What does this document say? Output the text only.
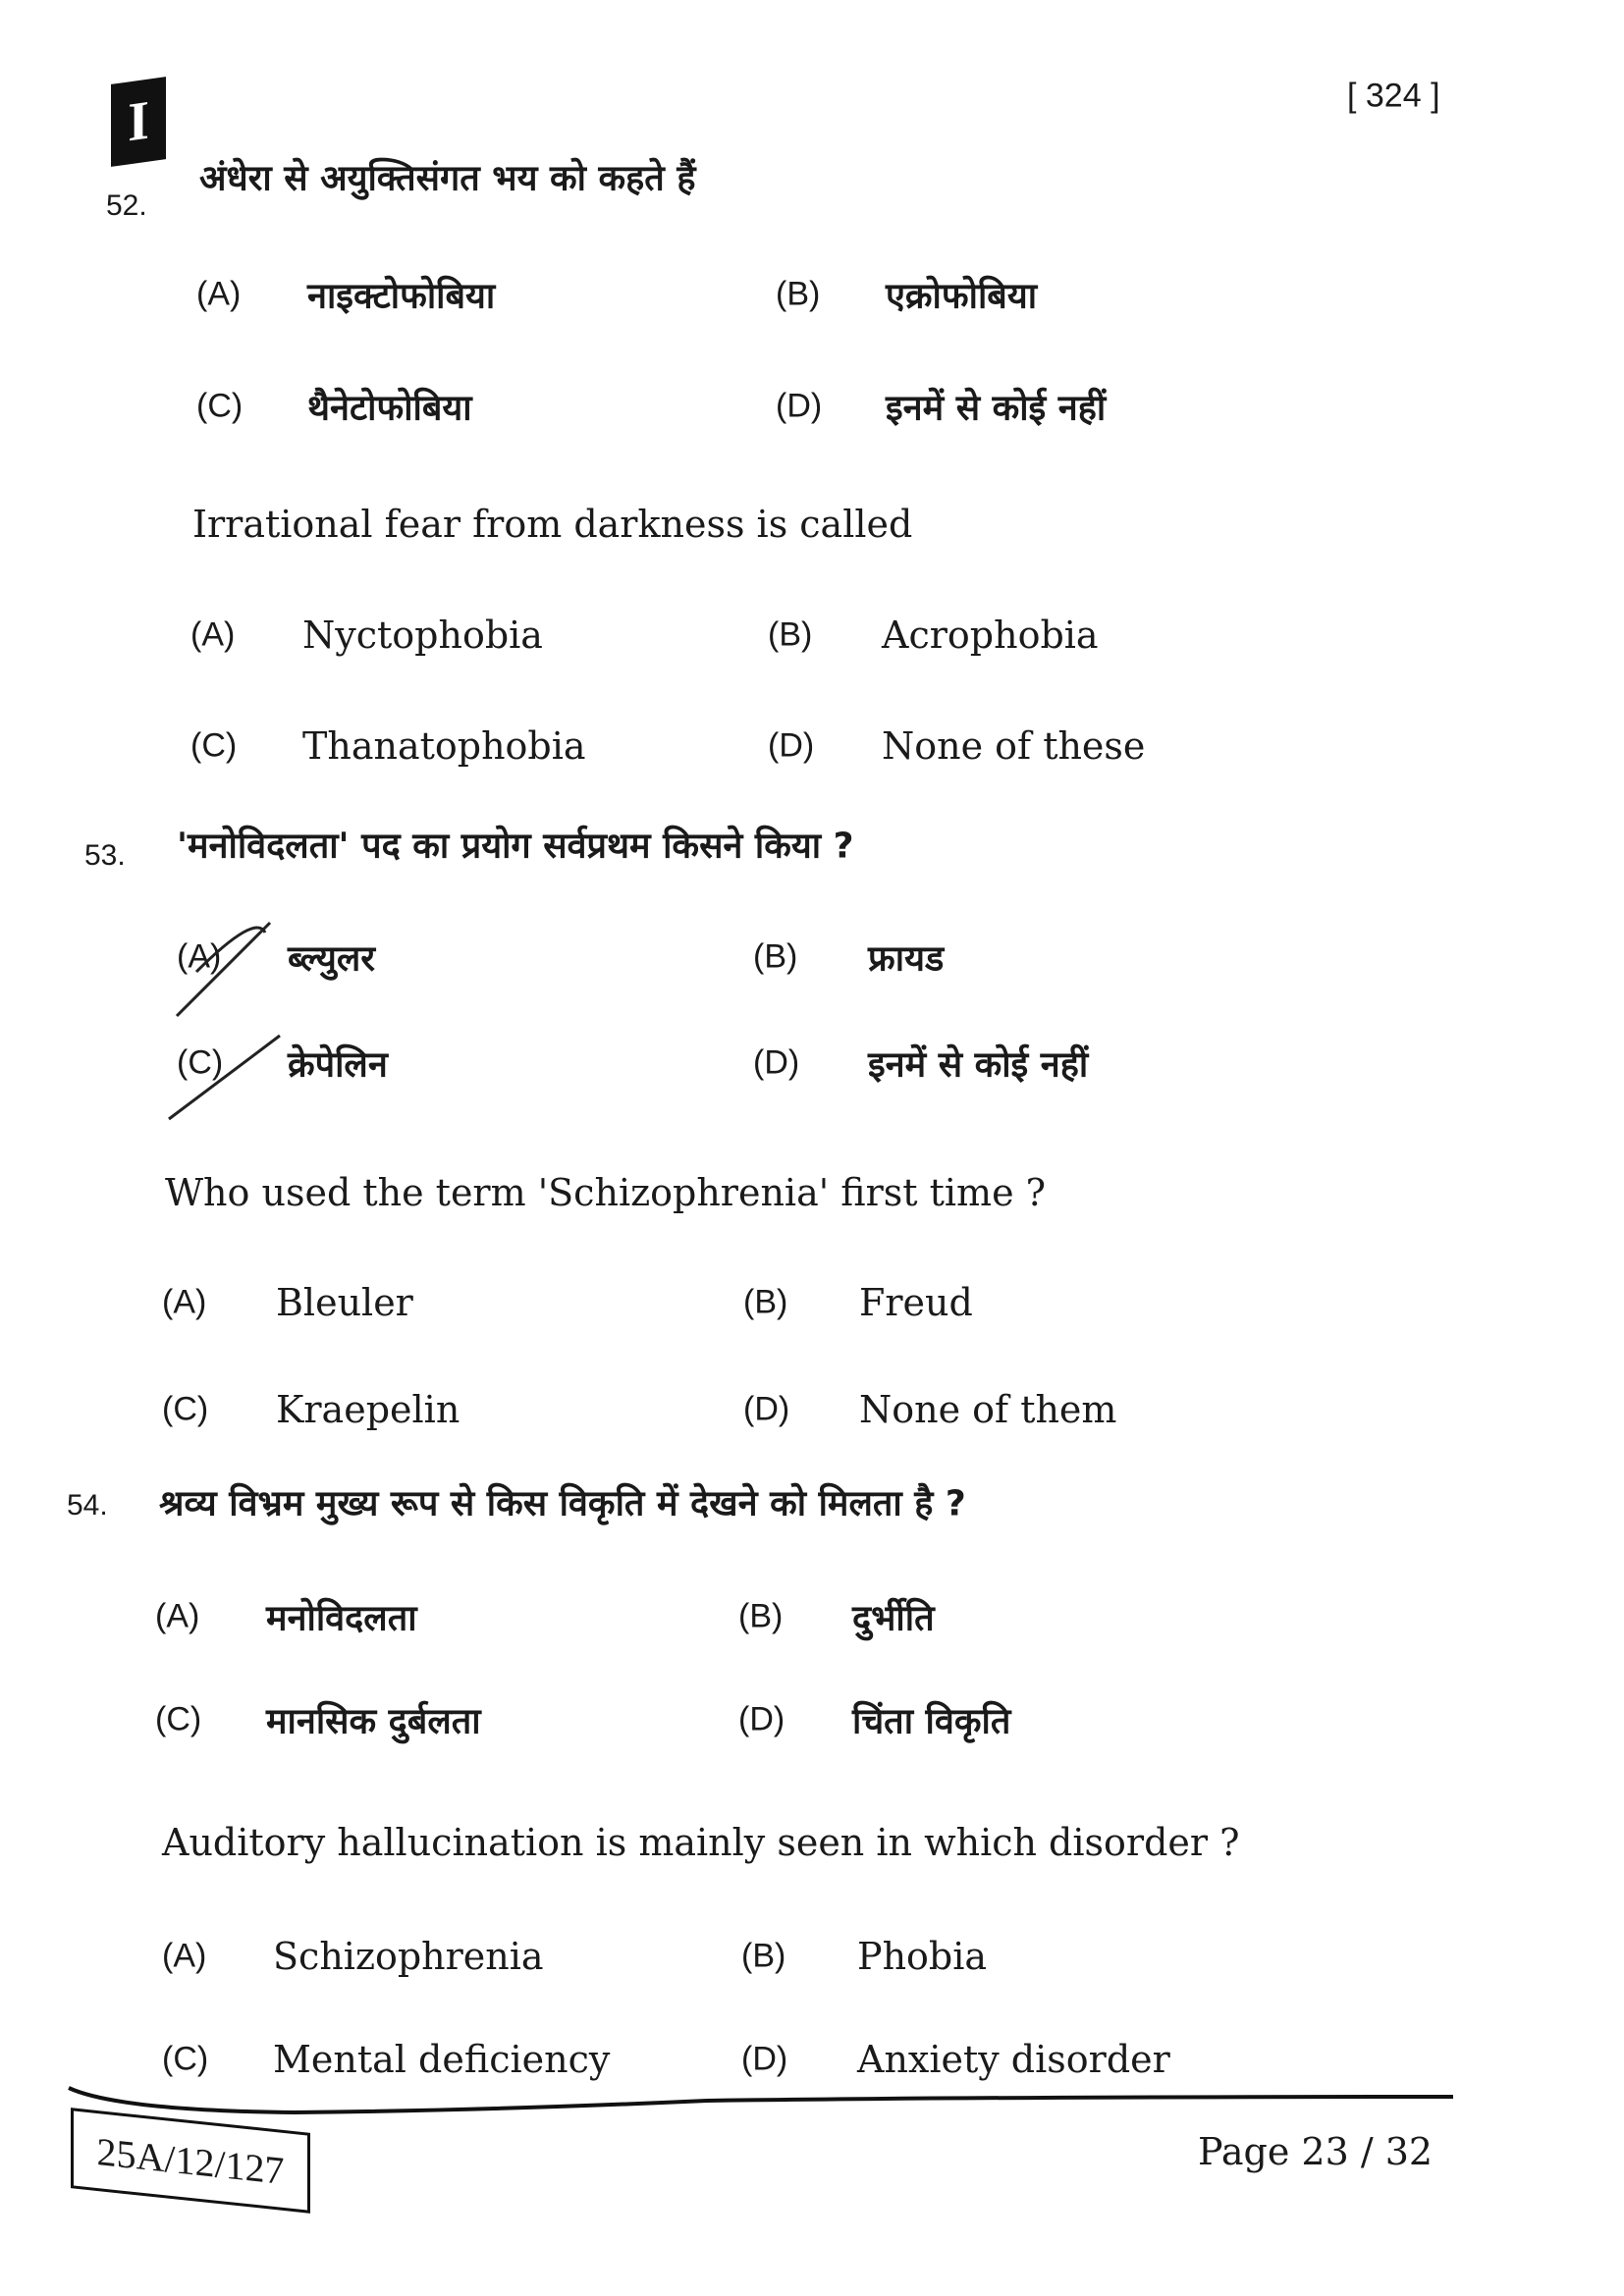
I	[ 324 ]
52.
अंधेरा से अयुक्तिसंगत भय को कहते हैं
Irrational fear from darkness is called
(A) नाइक्टोफोबिया
(A) Nyctophobia
(B) एक्रोफोबिया
(B) Acrophobia
(C) थैनेटोफोबिया
(C) Thanatophobia
(D) इनमें से कोई नहीं
(D) None of these
53. 'मनोविदलता' पद का प्रयोग सर्वप्रथम किसने किया ?
Who used the term 'Schizophrenia' first time ?
(A) ब्ल्युलर
(A) Bleuler
(B) फ्रायड
(B) Freud
(C) क्रेपेलिन
(C) Kraepelin
(D) इनमें से कोई नहीं
(D) None of them
54. श्रव्य विभ्रम मुख्य रूप से किस विकृति में देखने को मिलता है ?
Auditory hallucination is mainly seen in which disorder ?
(A) मनोविदलता
(A) Schizophrenia
(B) दुर्भीति
(B) Phobia
(C) मानसिक दुर्बलता
(C) Mental deficiency
(D) चिंता विकृति
(D) Anxiety disorder
25A/12/127	Page 23 / 32
